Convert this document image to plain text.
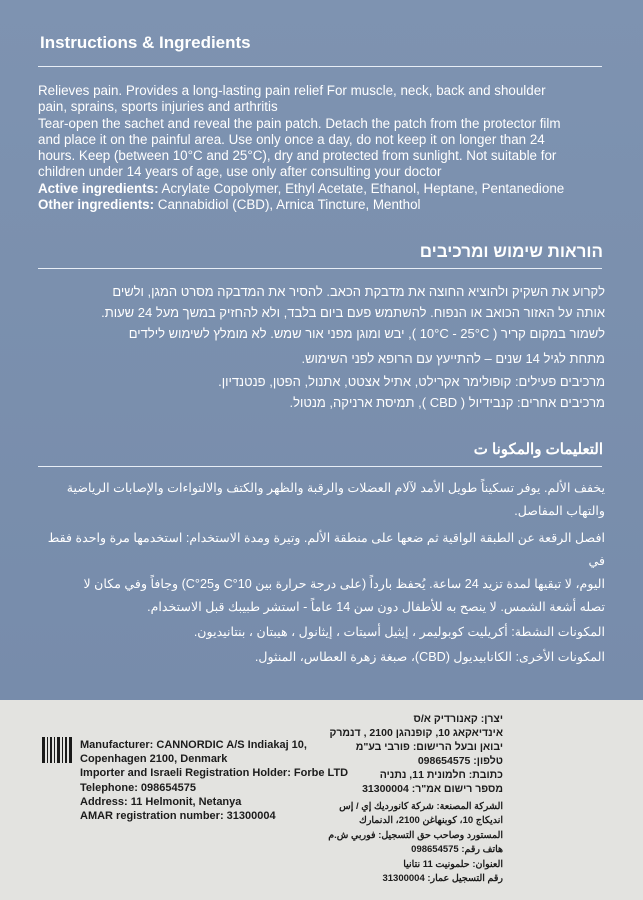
Instructions & Ingredients

Relieves pain. Provides a long-lasting pain relief For muscle, neck, back and shoulder

pain, sprains, sports injuries and arthritis

Tear-open the sachet and reveal the pain patch. Detach the patch from the protector film

and place it on the painful area. Use only once a day, do not keep it on longer than 24

hours. Keep (between 10°C and 25°C), dry and protected from sunlight. Not suitable for

children under 14 years of age, use only after consulting your doctor

Active ingredients: Acrylate Copolymer, Ethyl Acetate, Ethanol, Heptane, Pentanedione

Other ingredients: Cannabidiol (CBD), Arnica Tincture, Menthol

הוראות שימוש ומרכיבים

לקרוע את השקיק ולהוציא החוצה את מדבקת הכאב. להסיר את המדבקה מסרט המגן, ולשים

אותה על האזור הכואב או הנפוח. להשתמש פעם ביום בלבד, ולא להחזיק במשך מעל 24 שעות.

לשמור במקום קריר ( 10°C - 25°C ), יבש ומוגן מפני אור שמש. לא מומלץ לשימוש לילדים

מתחת לגיל 14 שנים – להתייעץ עם הרופא לפני השימוש.

מרכיבים פעילים: קופולימר אקרילט, אתיל אצטט, אתנול, הפטן, פנטנדיון.

מרכיבים אחרים: קנבידיול ( CBD ), תמיסת ארניקה, מנטול.

التعليمات والمكونا ت

يخفف الألم. يوفر تسكيناً طويل الأمد لآلام العضلات والرقبة والظهر والكتف والالتواءات والإصابات الرياضية

والتهاب المفاصل.

افصل الرقعة عن الطبقة الواقية ثم ضعها على منطقة الألم. وتيرة ومدة الاستخدام: استخدمها مرة واحدة فقط في

اليوم، لا تبقيها لمدة تزيد 24 ساعة. يُحفظ بارداً (على درجة حرارة بين 10°C و25°C) وجافاً وفي مكان لا

تصله أشعة الشمس. لا ينصح به للأطفال دون سن 14 عاماً - استشر طبيبك قبل الاستخدام.

المكونات النشطة: أكريليت كوبوليمر ، إيثيل أسيتات ، إيثانول ، هيبتان ، بنتانيديون.

المكونات الأخرى: الكانابيديول (CBD)، صبغة زهرة العطاس، المنثول.

Manufacturer: CANNORDIC A/S Indiakaj 10,

Copenhagen 2100, Denmark

Importer and Israeli Registration Holder: Forbe LTD

Telephone: 098654575

Address: 11 Helmonit, Netanya

AMAR registration number: 31300004

יצרן: קאנורדיק א/ס

אינדיאקאג 10, קופנהגן 2100 , דנמרק

יבואן ובעל הרישום: פורבי בע"מ

טלפון: 098654575

כתובת: חלמונית 11, נתניה

מספר רישום אמ"ר: 31300004

الشركة المصنعة: شركة كانورديك إي / إس

انديكاج 10، كوبنهاغن 2100، الدنمارك

المستورد وصاحب حق التسجيل: فوربي ش.م

هاتف رقم: 098654575

العنوان: حلمونيت 11 نتانيا

رقم التسجيل عمار: 31300004
